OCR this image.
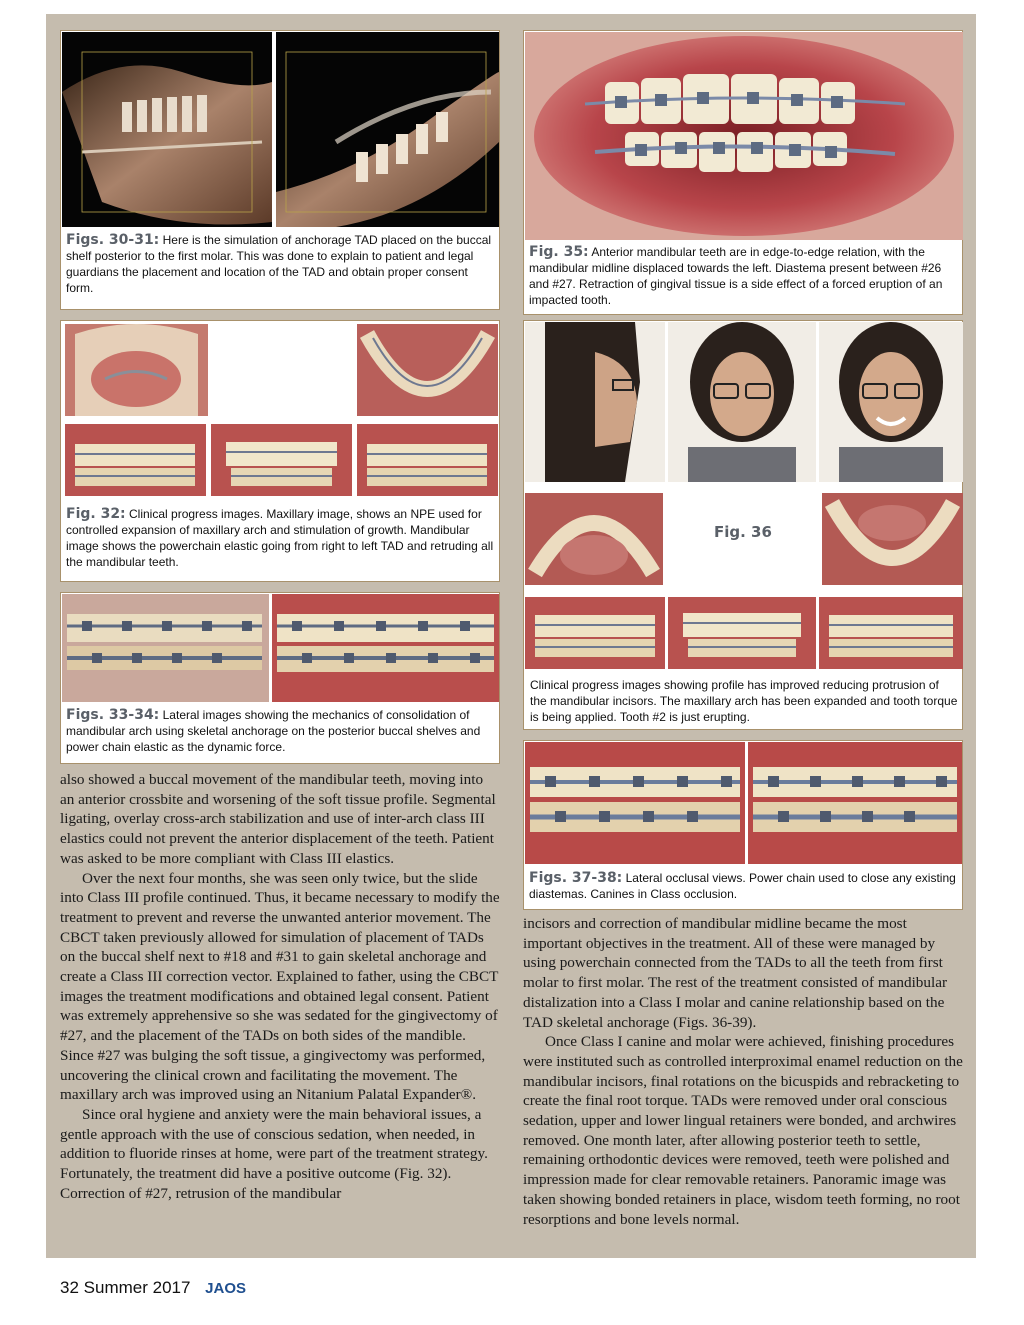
Figs. 30-31: Here is the simulation of anchorage TAD placed on the buccal shelf posterior to the first molar. This was done to explain to patient and legal guardians the placement and location of the TAD and obtain proper consent form.
Fig. 35: Anterior mandibular teeth are in edge-to-edge relation, with the mandibular midline displaced towards the left. Diastema present between #26 and #27. Retraction of gingival tissue is a side effect of a forced eruption of an impacted tooth.
Fig. 32: Clinical progress images. Maxillary image, shows an NPE used for controlled expansion of maxillary arch and stimulation of growth. Mandibular image shows the powerchain elastic going from right to left TAD and retruding all the mandibular teeth.
Fig. 36
Clinical progress images showing profile has improved reducing protrusion of the mandibular incisors. The maxillary arch has been expanded and tooth torque is being applied. Tooth #2 is just erupting.
Figs. 33-34: Lateral images showing the mechanics of consolidation of mandibular arch using skeletal anchorage on the posterior buccal shelves and power chain elastic as the dynamic force.
Figs. 37-38: Lateral occlusal views. Power chain used to close any existing diastemas. Canines in Class occlusion.

also showed a buccal movement of the mandibular teeth, moving into an anterior crossbite and worsening of the soft tissue profile. Segmental ligating, overlay cross-arch stabilization and use of inter-arch class III elastics could not prevent the anterior displacement of the teeth. Patient was asked to be more compliant with Class III elastics.

Over the next four months, she was seen only twice, but the slide into Class III profile continued. Thus, it became necessary to modify the treatment to prevent and reverse the unwanted anterior movement. The CBCT taken previously allowed for simulation of placement of TADs on the buccal shelf next to #18 and #31 to gain skeletal anchorage and create a Class III correction vector. Explained to father, using the CBCT images the treatment modifications and obtained legal consent. Patient was extremely apprehensive so she was sedated for the gingivectomy of #27, and the placement of the TADs on both sides of the mandible. Since #27 was bulging the soft tissue, a gingivectomy was performed, uncovering the clinical crown and facilitating the movement. The maxillary arch was improved using an Nitanium Palatal Expander®.

Since oral hygiene and anxiety were the main behavioral issues, a gentle approach with the use of conscious sedation, when needed, in addition to fluoride rinses at home, were part of the treatment strategy. Fortunately, the treatment did have a positive outcome (Fig. 32). Correction of #27, retrusion of the mandibular

incisors and correction of mandibular midline became the most important objectives in the treatment. All of these were managed by using powerchain connected from the TADs to all the teeth from first molar to first molar. The rest of the treatment consisted of mandibular distalization into a Class I molar and canine relationship based on the TAD skeletal anchorage (Figs. 36-39).

Once Class I canine and molar were achieved, finishing procedures were instituted such as controlled interproximal enamel reduction on the mandibular incisors, final rotations on the bicuspids and rebracketing to create the final root torque. TADs were removed under oral conscious sedation, upper and lower lingual retainers were bonded, and archwires removed. One month later, after allowing posterior teeth to settle, remaining orthodontic devices were removed, teeth were polished and impression made for clear removable retainers. Panoramic image was taken showing bonded retainers in place, wisdom teeth forming, no root resorptions and bone levels normal.

32 Summer 2017 JAOS
